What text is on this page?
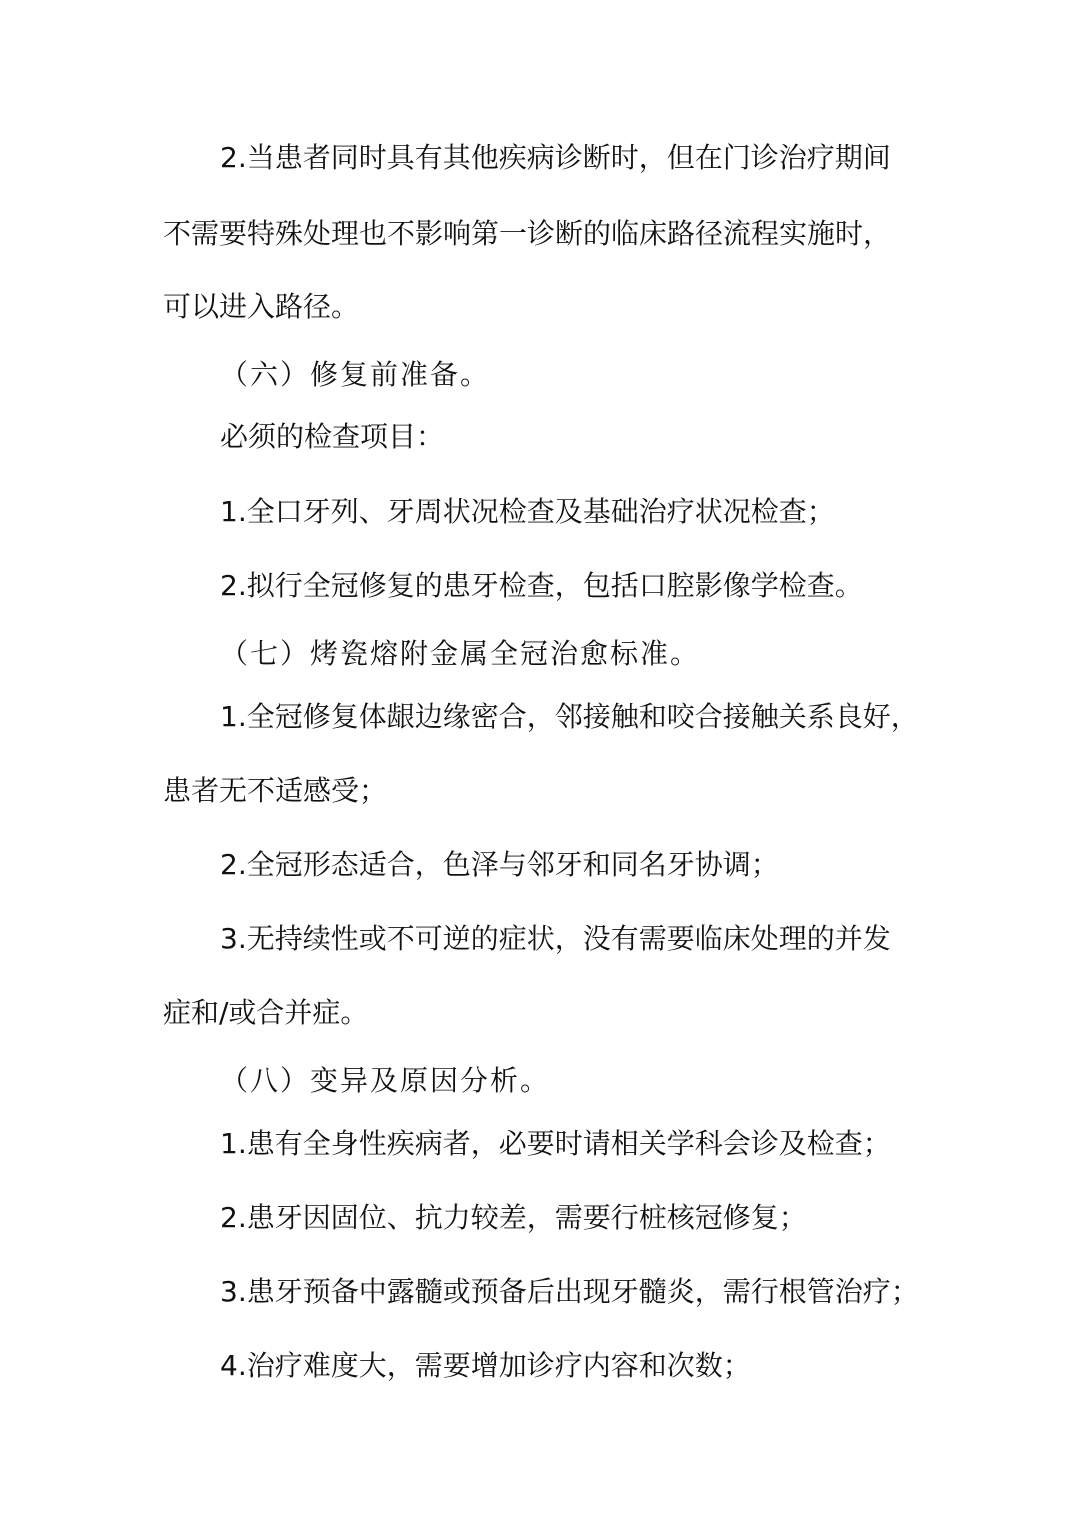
2.当患者同时具有其他疾病诊断时，但在门诊治疗期间

不需要特殊处理也不影响第一诊断的临床路径流程实施时，

可以进入路径。

（六）修复前准备。

必须的检查项目：

1.全口牙列、牙周状况检查及基础治疗状况检查；

2.拟行全冠修复的患牙检查，包括口腔影像学检查。

（七）烤瓷熔附金属全冠治愈标准。

1.全冠修复体龈边缘密合，邻接触和咬合接触关系良好，

患者无不适感受；

2.全冠形态适合，色泽与邻牙和同名牙协调；

3.无持续性或不可逆的症状，没有需要临床处理的并发

症和/或合并症。

（八）变异及原因分析。

1.患有全身性疾病者，必要时请相关学科会诊及检查；

2.患牙因固位、抗力较差，需要行桩核冠修复；

3.患牙预备中露髓或预备后出现牙髓炎，需行根管治疗；

4.治疗难度大，需要增加诊疗内容和次数；
